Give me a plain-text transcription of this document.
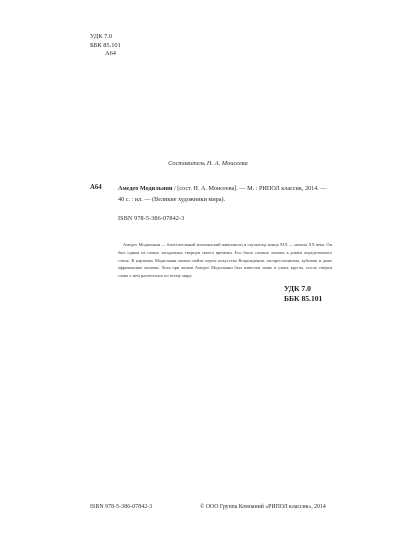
УДК 7.0
ББК 85.101
А64
Составитель Н. А. Моисеева
А64	Амедео Модильяни / [сост. Н. А. Моисеева]. — М. : РИПОЛ классик, 2014. — 40 с. : ил. — (Великие художники мира).
ISBN 978-5-386-07842-3
Амедео Модильяни — блистательный итальянский живописец и скульптор конца XIX — начала XX века. Он был одним из самых загадочных творцов своего времени. Его было сложно загнать в рамки определенного стиля. В картинах Модильяни можно найти черты искусства Возрождения, экспрессионизма, кубизма и даже африканские мотивы. Хотя при жизни Амедео Модильяни был известен лишь в узких кругах, после смерти слава о нем разлетелась по всему миру.
УДК 7.0
ББК 85.101
ISBN 978-5-386-07842-3	© ООО Группа Компаний «РИПОЛ классик», 2014
